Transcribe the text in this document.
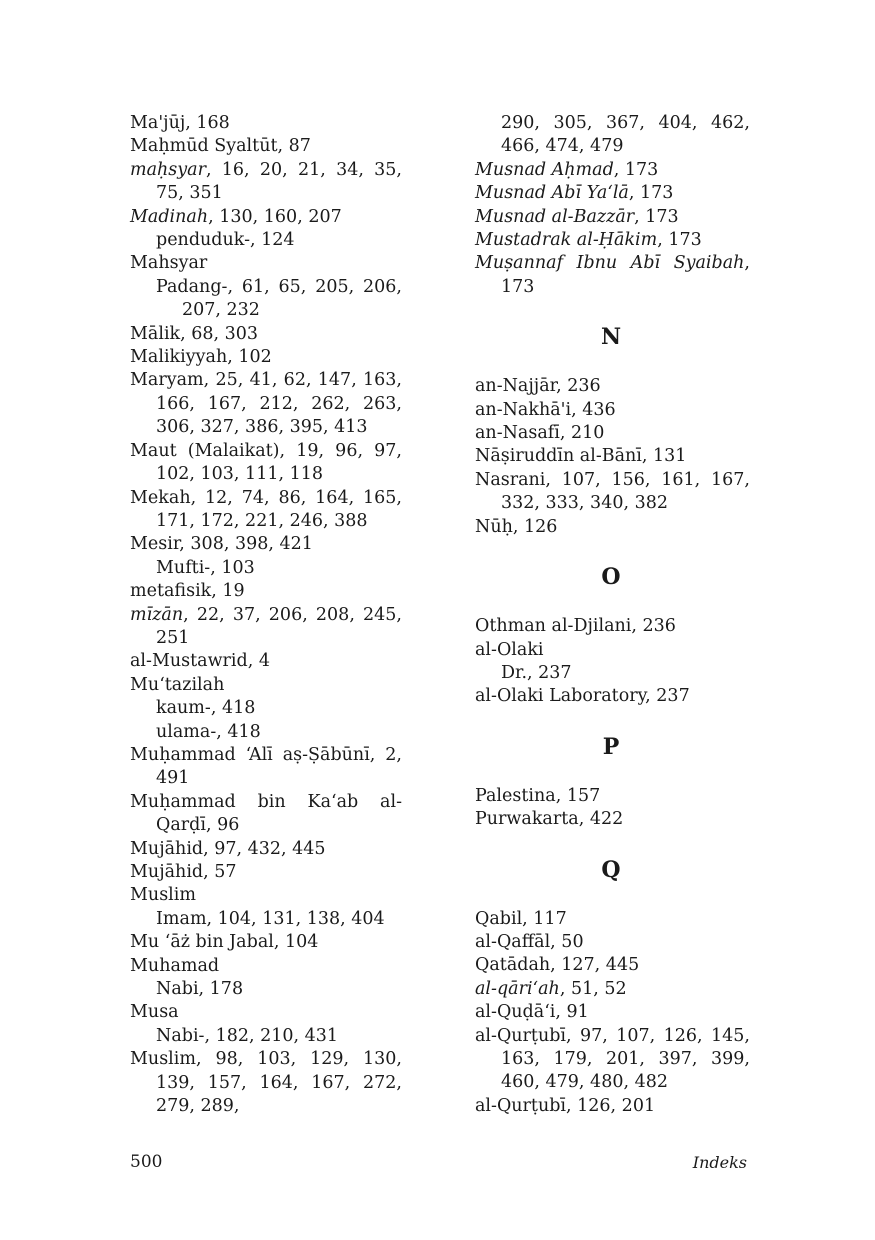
Ma'jūj, 168

Maḥmūd Syaltūt, 87

maḥsyar, 16, 20, 21, 34, 35, 75, 351

Madinah, 130, 160, 207

penduduk-, 124

Mahsyar

Padang-, 61, 65, 205, 206, 207, 232

Mālik, 68, 303

Malikiyyah, 102

Maryam, 25, 41, 62, 147, 163, 166, 167, 212, 262, 263, 306, 327, 386, 395, 413

Maut (Malaikat), 19, 96, 97, 102, 103, 111, 118

Mekah, 12, 74, 86, 164, 165, 171, 172, 221, 246, 388

Mesir, 308, 398, 421

Mufti-, 103

metafisik, 19

mīzān, 22, 37, 206, 208, 245, 251

al-Mustawrid, 4

Mu‘tazilah

kaum-, 418

ulama-, 418

Muḥammad ‘Alī aṣ-Ṣābūnī, 2, 491

Muḥammad bin Ka‘ab al-Qarḍī, 96

Mujāhid, 97, 432, 445

Mujāhid, 57

Muslim

Imam, 104, 131, 138, 404

Mu ‘āż bin Jabal, 104

Muhamad

Nabi, 178

Musa

Nabi-, 182, 210, 431

Muslim, 98, 103, 129, 130, 139, 157, 164, 167, 272, 279, 289,

290, 305, 367, 404, 462, 466, 474, 479

Musnad Aḥmad, 173

Musnad Abī Ya‘lā, 173

Musnad al-Bazzār, 173

Mustadrak al-Ḥākim, 173

Muṣannaf Ibnu Abī Syaibah, 173

N

an-Najjār, 236

an-Nakhā'i, 436

an-Nasafī, 210

Nāṣiruddīn al-Bānī, 131

Nasrani, 107, 156, 161, 167, 332, 333, 340, 382

Nūḥ, 126

O

Othman al-Djilani, 236

al-Olaki

Dr., 237

al-Olaki Laboratory, 237

P

Palestina, 157

Purwakarta, 422

Q

Qabil, 117

al-Qaffāl, 50

Qatādah, 127, 445

al-qāri‘ah, 51, 52

al-Quḍā‘i, 91

al-Qurṭubī, 97, 107, 126, 145, 163, 179, 201, 397, 399, 460, 479, 480, 482

al-Qurṭubī, 126, 201

500	Indeks
